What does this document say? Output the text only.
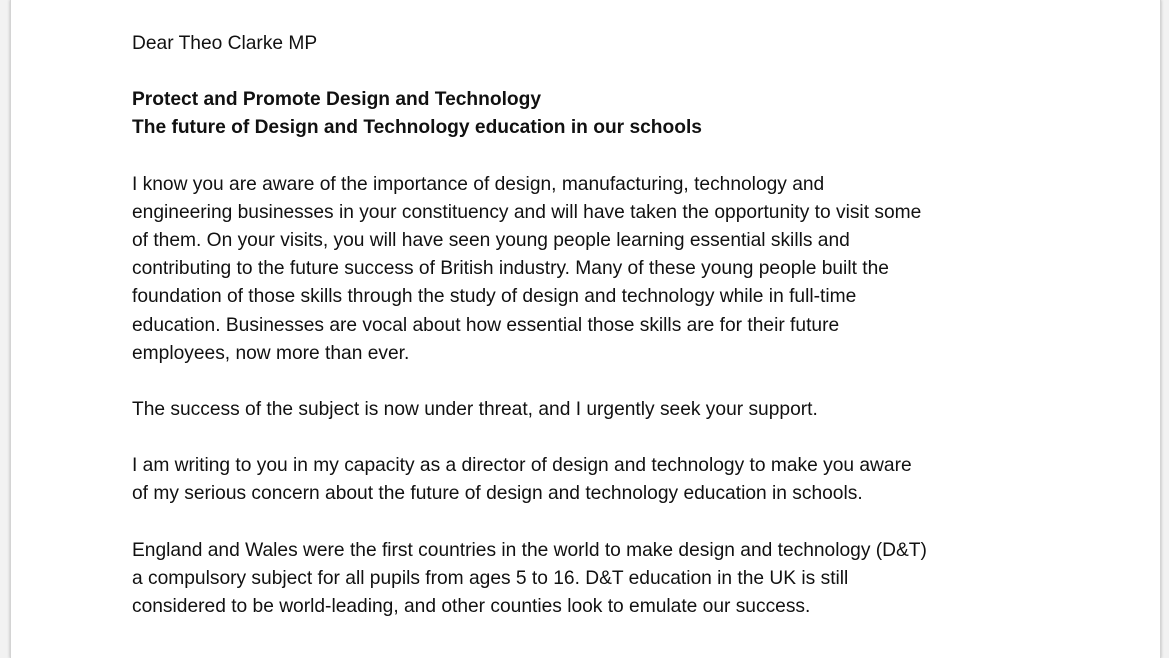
Dear Theo Clarke MP
Protect and Promote Design and Technology
The future of Design and Technology education in our schools
I know you are aware of the importance of design, manufacturing, technology and
engineering businesses in your constituency and will have taken the opportunity to visit some
of them. On your visits, you will have seen young people learning essential skills and
contributing to the future success of British industry. Many of these young people built the
foundation of those skills through the study of design and technology while in full-time
education. Businesses are vocal about how essential those skills are for their future
employees, now more than ever.
The success of the subject is now under threat, and I urgently seek your support.
I am writing to you in my capacity as a director of design and technology to make you aware
of my serious concern about the future of design and technology education in schools.
England and Wales were the first countries in the world to make design and technology (D&T)
a compulsory subject for all pupils from ages 5 to 16. D&T education in the UK is still
considered to be world-leading, and other counties look to emulate our success.
